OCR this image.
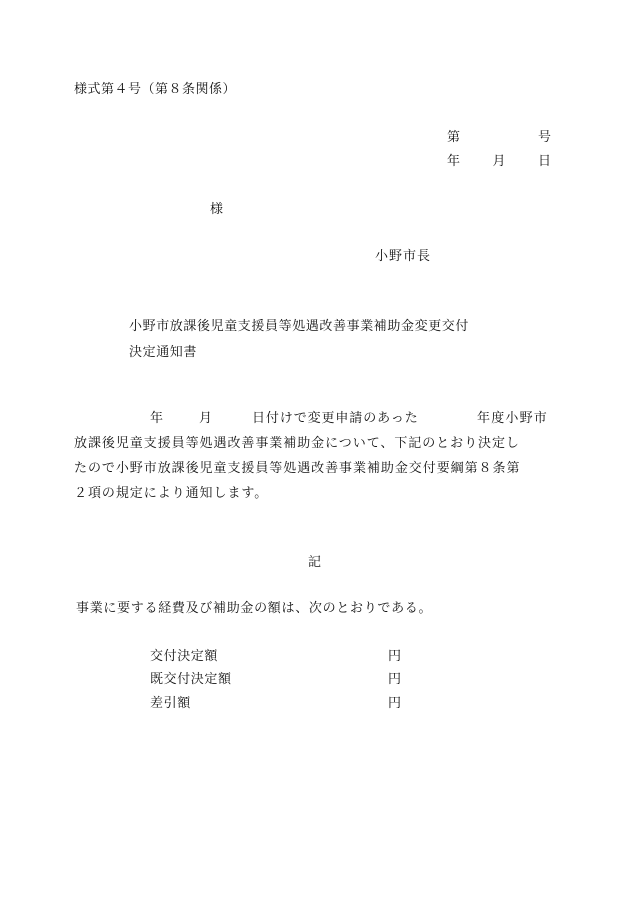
様式第４号（第８条関係）
第	号
年 月 日
様
小野市長
小野市放課後児童支援員等処遇改善事業補助金変更交付
決定通知書
年	月	日付けで変更申請のあった	年度小野市
放課後児童支援員等処遇改善事業補助金について、下記のとおり決定し
たので小野市放課後児童支援員等処遇改善事業補助金交付要綱第８条第
２項の規定により通知します。
記
事業に要する経費及び補助金の額は、次のとおりである。
交付決定額	円
既交付決定額	円
差引額	円
